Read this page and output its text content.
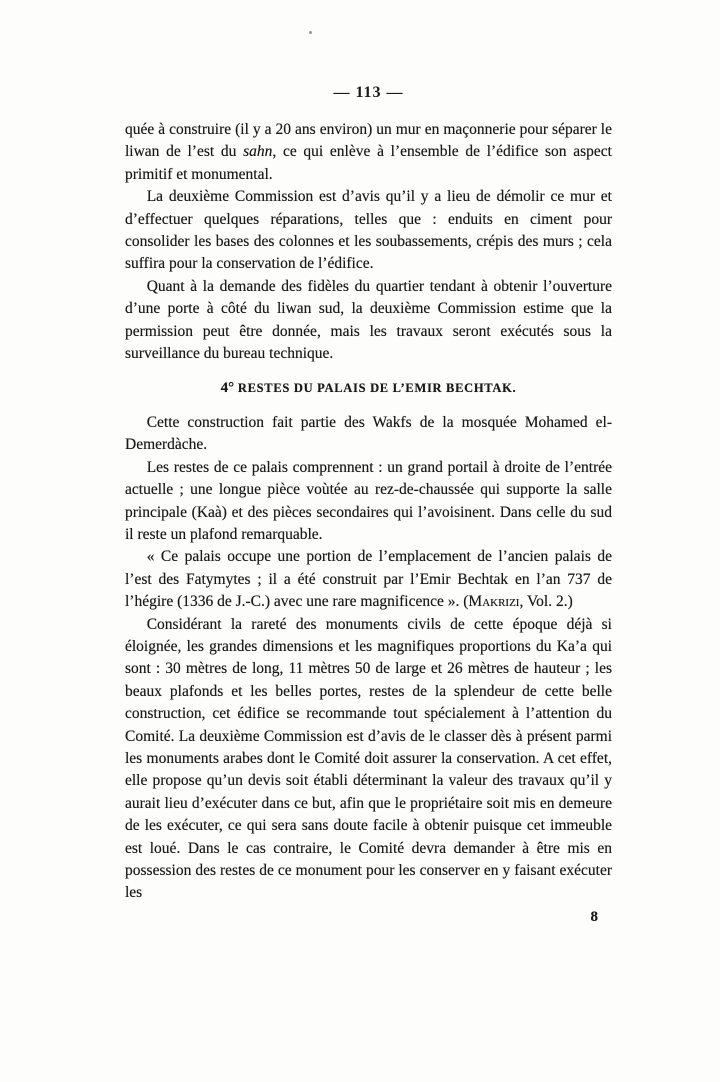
— 113 —

quée à construire (il y a 20 ans environ) un mur en maçonnerie pour séparer le liwan de l’est du sahn, ce qui enlève à l’ensemble de l’édifice son aspect primitif et monumental.

La deuxième Commission est d’avis qu’il y a lieu de démolir ce mur et d’effectuer quelques réparations, telles que : enduits en ciment pour consolider les bases des colonnes et les soubassements, crépis des murs ; cela suffira pour la conservation de l’édifice.

Quant à la demande des fidèles du quartier tendant à obtenir l’ouverture d’une porte à côté du liwan sud, la deuxième Commission estime que la permission peut être donnée, mais les travaux seront exécutés sous la surveillance du bureau technique.

4° RESTES DU PALAIS DE L’EMIR BECHTAK.

Cette construction fait partie des Wakfs de la mosquée Mohamed el-Demerdàche.

Les restes de ce palais comprennent : un grand portail à droite de l’entrée actuelle ; une longue pièce voùtée au rez-de-chaussée qui supporte la salle principale (Kaà) et des pièces secondaires qui l’avoisinent. Dans celle du sud il reste un plafond remarquable.

« Ce palais occupe une portion de l’emplacement de l’ancien palais de l’est des Fatymytes ; il a été construit par l’Emir Bechtak en l’an 737 de l’hégire (1336 de J.-C.) avec une rare magnificence ». (Makrizi, Vol. 2.)

Considérant la rareté des monuments civils de cette époque déjà si éloignée, les grandes dimensions et les magnifiques proportions du Ka’a qui sont : 30 mètres de long, 11 mètres 50 de large et 26 mètres de hauteur ; les beaux plafonds et les belles portes, restes de la splendeur de cette belle construction, cet édifice se recommande tout spécialement à l’attention du Comité. La deuxième Commission est d’avis de le classer dès à présent parmi les monuments arabes dont le Comité doit assurer la conservation. A cet effet, elle propose qu’un devis soit établi déterminant la valeur des travaux qu’il y aurait lieu d’exécuter dans ce but, afin que le propriétaire soit mis en demeure de les exécuter, ce qui sera sans doute facile à obtenir puisque cet immeuble est loué. Dans le cas contraire, le Comité devra demander à être mis en possession des restes de ce monument pour les conserver en y faisant exécuter les

8
